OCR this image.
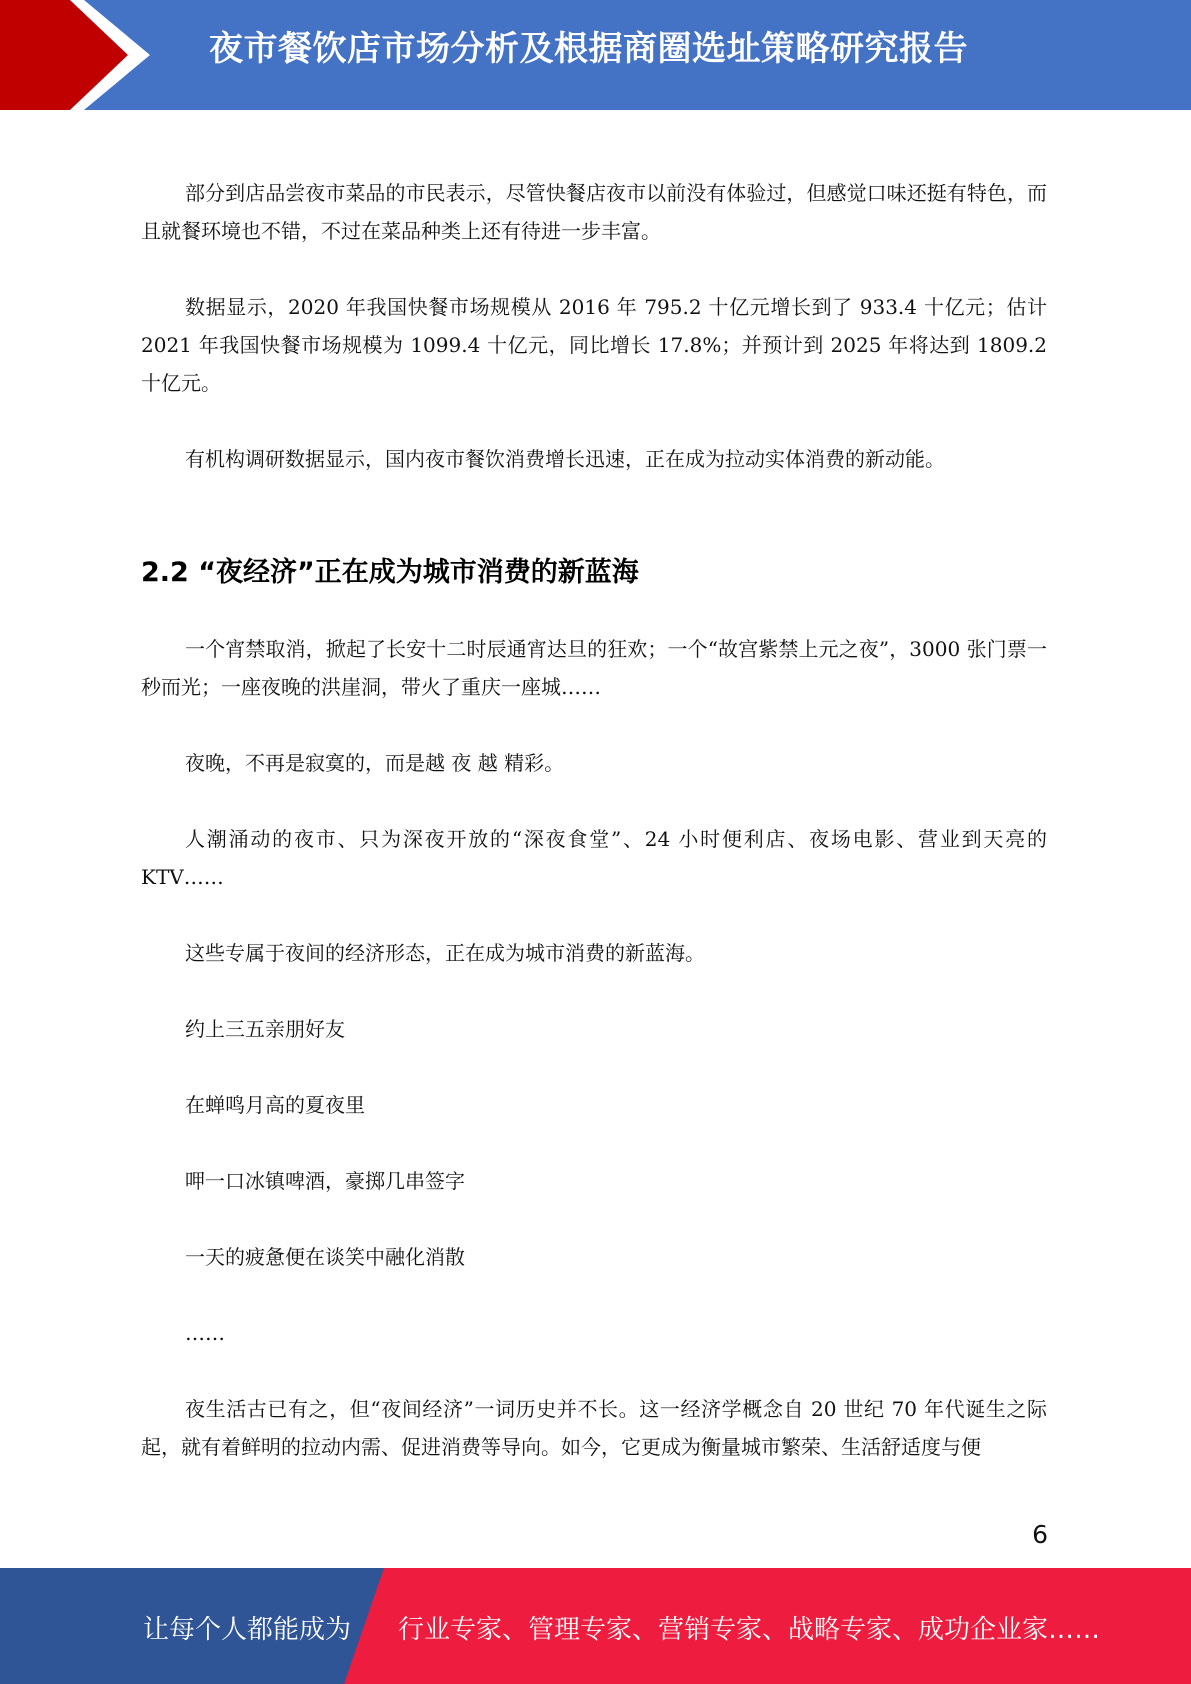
夜市餐饮店市场分析及根据商圈选址策略研究报告

部分到店品尝夜市菜品的市民表示，尽管快餐店夜市以前没有体验过，但感觉口味还挺有特色，而且就餐环境也不错，不过在菜品种类上还有待进一步丰富。

数据显示，2020 年我国快餐市场规模从 2016 年 795.2 十亿元增长到了 933.4 十亿元；估计 2021 年我国快餐市场规模为 1099.4 十亿元，同比增长 17.8%；并预计到 2025 年将达到 1809.2 十亿元。

有机构调研数据显示，国内夜市餐饮消费增长迅速，正在成为拉动实体消费的新动能。

2.2 “夜经济”正在成为城市消费的新蓝海

一个宵禁取消，掀起了长安十二时辰通宵达旦的狂欢；一个“故宫紫禁上元之夜”，3000 张门票一秒而光；一座夜晚的洪崖洞，带火了重庆一座城……

夜晚，不再是寂寞的，而是越 夜 越 精彩。

人潮涌动的夜市、只为深夜开放的“深夜食堂”、24 小时便利店、夜场电影、营业到天亮的KTV……

这些专属于夜间的经济形态，正在成为城市消费的新蓝海。

约上三五亲朋好友

在蝉鸣月高的夏夜里

呷一口冰镇啤酒，豪掷几串签字

一天的疲惫便在谈笑中融化消散

……

夜生活古已有之，但“夜间经济”一词历史并不长。这一经济学概念自 20 世纪 70 年代诞生之际起，就有着鲜明的拉动内需、促进消费等导向。如今，它更成为衡量城市繁荣、生活舒适度与便

6
让每个人都能成为 行业专家、管理专家、营销专家、战略专家、成功企业家……
